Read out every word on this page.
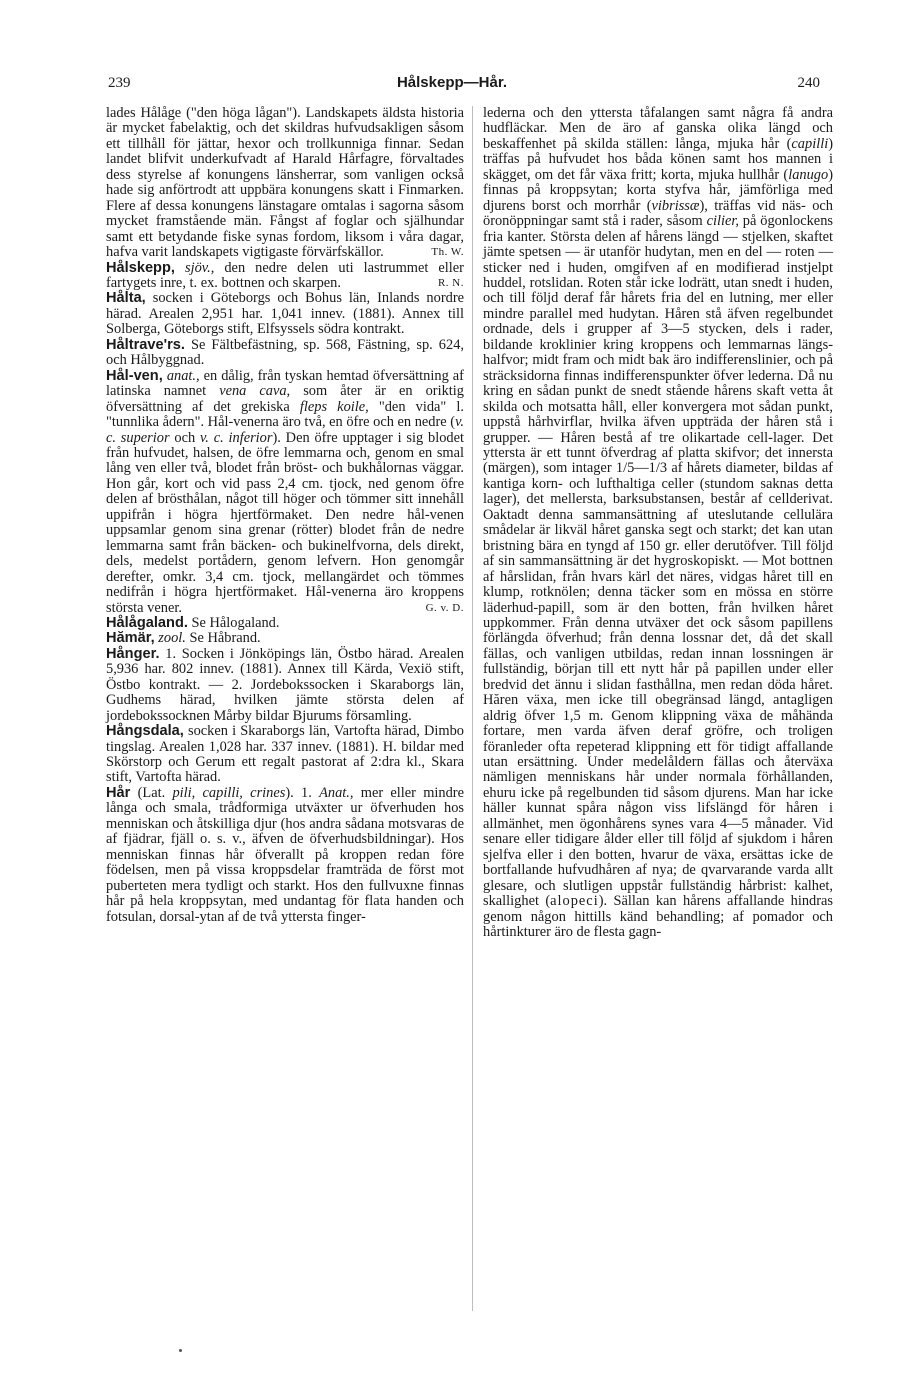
239	Hålskepp—Hår.	240

lades Hålåge ("den höga lågan"). Landskapets äldsta historia är mycket fabelaktig, och det skildras hufvudsakligen såsom ett tillhåll för jättar, hexor och trollkunniga finnar. Sedan landet blifvit underkufvadt af Harald Hårfagre, förvaltades dess styrelse af konungens länsherrar, som vanligen också hade sig anförtrodt att uppbära konungens skatt i Finmarken. Flere af dessa konungens länstagare omtalas i sagorna såsom mycket framstående män. Fångst af foglar och själhundar samt ett betydande fiske synas fordom, liksom i våra dagar, hafva varit landskapets vigtigaste förvärfskällor.	Th. W.

Hålskepp, sjöv., den nedre delen uti lastrummet eller fartygets inre, t. ex. bottnen och skarpen.	R. N.

Hålta, socken i Göteborgs och Bohus län, Inlands nordre härad. Arealen 2,951 har. 1,041 innev. (1881). Annex till Solberga, Göteborgs stift, Elfsyssels södra kontrakt.

Håltrave'rs. Se Fältbefästning, sp. 568, Fästning, sp. 624, och Hålbyggnad.

Hål-ven, anat., en dålig, från tyskan hemtad öfversättning af latinska namnet vena cava, som åter är en oriktig öfversättning af det grekiska fleps koile, "den vida" l. "tunnlika ådern". Hål-venerna äro två, en öfre och en nedre (v. c. superior och v. c. inferior). Den öfre upptager i sig blodet från hufvudet, halsen, de öfre lemmarna och, genom en smal lång ven eller två, blodet från bröst- och bukhålornas väggar. Hon går, kort och vid pass 2,4 cm. tjock, ned genom öfre delen af brösthålan, något till höger och tömmer sitt innehåll uppifrån i högra hjertförmaket. Den nedre hål-venen uppsamlar genom sina grenar (rötter) blodet från de nedre lemmarna samt från bäcken- och bukinelfvorna, dels direkt, dels, medelst portådern, genom lefvern. Hon genomgår derefter, omkr. 3,4 cm. tjock, mellangärdet och tömmes nedifrån i högra hjertförmaket. Hål-venerna äro kroppens största vener.	G. v. D.

Hålågaland. Se Hålogaland.

Hămär, zool. Se Håbrand.

Hånger. 1. Socken i Jönköpings län, Östbo härad. Arealen 5,936 har. 802 innev. (1881). Annex till Kärda, Vexiö stift, Östbo kontrakt. — 2. Jordebokssocken i Skaraborgs län, Gudhems härad, hvilken jämte största delen af jordebokssocknen Mårby bildar Bjurums församling.

Hångsdala, socken i Skaraborgs län, Vartofta härad, Dimbo tingslag. Arealen 1,028 har. 337 innev. (1881). H. bildar med Skörstorp och Gerum ett regalt pastorat af 2:dra kl., Skara stift, Vartofta härad.

Hår (Lat. pili, capilli, crines). 1. Anat., mer eller mindre långa och smala, trådformiga utväxter ur öfverhuden hos menniskan och åtskilliga djur (hos andra sådana motsvaras de af fjädrar, fjäll o. s. v., äfven de öfverhudsbildningar). Hos menniskan finnas hår öfverallt på kroppen redan före födelsen, men på vissa kroppsdelar framträda de först mot puberteten mera tydligt och starkt. Hos den fullvuxne finnas hår på hela kroppsytan, med undantag för flata handen och fotsulan, dorsal-ytan af de två yttersta finger-

lederna och den yttersta tåfalangen samt några få andra hudfläckar. Men de äro af ganska olika längd och beskaffenhet på skilda ställen: långa, mjuka hår (capilli) träffas på hufvudet hos båda könen samt hos mannen i skägget, om det får växa fritt; korta, mjuka hullhår (lanugo) finnas på kroppsytan; korta styfva hår, jämförliga med djurens borst och morrhår (vibrissæ), träffas vid näs- och öronöppningar samt stå i rader, såsom cilier, på ögonlockens fria kanter. Största delen af hårens längd — stjelken, skaftet jämte spetsen — är utanför hudytan, men en del — roten — sticker ned i huden, omgifven af en modifierad instjelpt huddel, rotslidan. Roten står icke lodrätt, utan snedt i huden, och till följd deraf får hårets fria del en lutning, mer eller mindre parallel med hudytan. Håren stå äfven regelbundet ordnade, dels i grupper af 3—5 stycken, dels i rader, bildande kroklinier kring kroppens och lemmarnas längs-halfvor; midt fram och midt bak äro indifferenslinier, och på sträcksidorna finnas indifferenspunkter öfver lederna. Då nu kring en sådan punkt de snedt stående hårens skaft vetta åt skilda och motsatta håll, eller konvergera mot sådan punkt, uppstå hårhvirflar, hvilka äfven uppträda der håren stå i grupper. — Håren bestå af tre olikartade cell-lager. Det yttersta är ett tunnt öfverdrag af platta skifvor; det innersta (märgen), som intager 1/5—1/3 af hårets diameter, bildas af kantiga korn- och lufthaltiga celler (stundom saknas detta lager), det mellersta, barksubstansen, består af cellderivat. Oaktadt denna sammansättning af uteslutande cellulära smådelar är likväl håret ganska segt och starkt; det kan utan bristning bära en tyngd af 150 gr. eller derutöfver. Till följd af sin sammansättning är det hygroskopiskt. — Mot bottnen af hårslidan, från hvars kärl det näres, vidgas håret till en klump, rotknölen; denna täcker som en mössa en större läderhud-papill, som är den botten, från hvilken håret uppkommer. Från denna utväxer det ock såsom papillens förlängda öfverhud; från denna lossnar det, då det skall fällas, och vanligen utbildas, redan innan lossningen är fullständig, början till ett nytt hår på papillen under eller bredvid det ännu i slidan fasthållna, men redan döda håret. Hăren växa, men icke till obegränsad längd, antagligen aldrig öfver 1,5 m. Genom klippning växa de måhända fortare, men varda äfven deraf gröfre, och troligen föranleder ofta repeterad klippning ett för tidigt affallande utan ersättning. Under medelåldern fällas och återväxa nämligen menniskans hår under normala förhållanden, ehuru icke på regelbunden tid såsom djurens. Man har icke häller kunnat spåra någon viss lifslängd för håren i allmänhet, men ögonhårens synes vara 4—5 månader. Vid senare eller tidigare ålder eller till följd af sjukdom i håren sjelfva eller i den botten, hvarur de växa, ersättas icke de bortfallande hufvudhåren af nya; de qvarvarande varda allt glesare, och slutligen uppstår fullständig hårbrist: kalhet, skallighet (alopeci). Sällan kan hårens affallande hindras genom någon hittills känd behandling; af pomador och hårtinkturer äro de flesta gagn-
